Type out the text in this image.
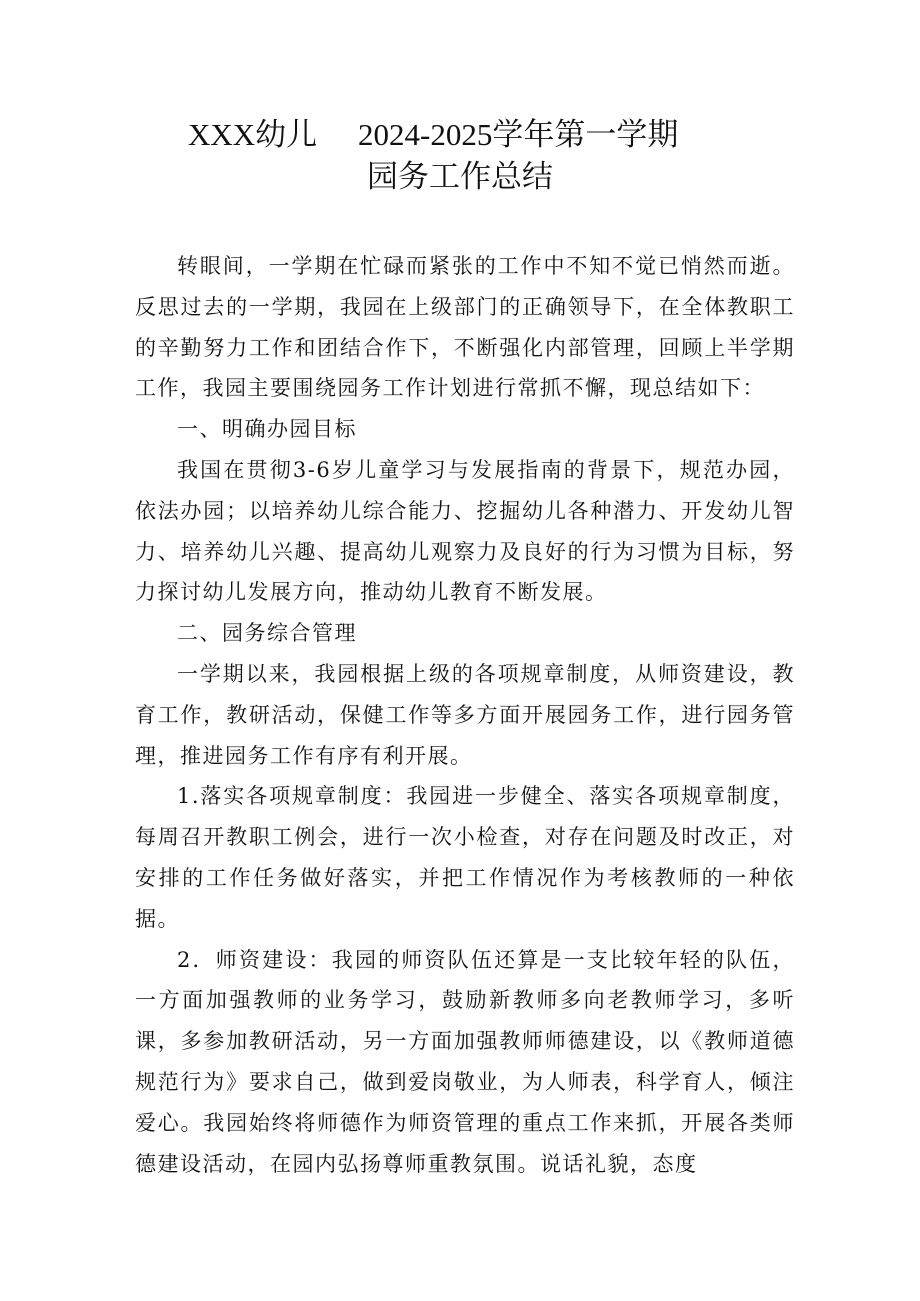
XXX幼儿 2024-2025学年第一学期
园务工作总结

转眼间，一学期在忙碌而紧张的工作中不知不觉已悄然而逝。反思过去的一学期，我园在上级部门的正确领导下，在全体教职工的辛勤努力工作和团结合作下，不断强化内部管理，回顾上半学期工作，我园主要围绕园务工作计划进行常抓不懈，现总结如下：

一、明确办园目标

我国在贯彻3-6岁儿童学习与发展指南的背景下，规范办园，依法办园；以培养幼儿综合能力、挖掘幼儿各种潜力、开发幼儿智力、培养幼儿兴趣、提高幼儿观察力及良好的行为习惯为目标，努力探讨幼儿发展方向，推动幼儿教育不断发展。

二、园务综合管理

一学期以来，我园根据上级的各项规章制度，从师资建设，教育工作，教研活动，保健工作等多方面开展园务工作，进行园务管理，推进园务工作有序有利开展。

1.落实各项规章制度：我园进一步健全、落实各项规章制度，每周召开教职工例会，进行一次小检查，对存在问题及时改正，对安排的工作任务做好落实，并把工作情况作为考核教师的一种依据。

2．师资建设：我园的师资队伍还算是一支比较年轻的队伍，一方面加强教师的业务学习，鼓励新教师多向老教师学习，多听课，多参加教研活动，另一方面加强教师师德建设，以《教师道德规范行为》要求自己，做到爱岗敬业，为人师表，科学育人，倾注爱心。我园始终将师德作为师资管理的重点工作来抓，开展各类师德建设活动，在园内弘扬尊师重教氛围。说话礼貌，态度
